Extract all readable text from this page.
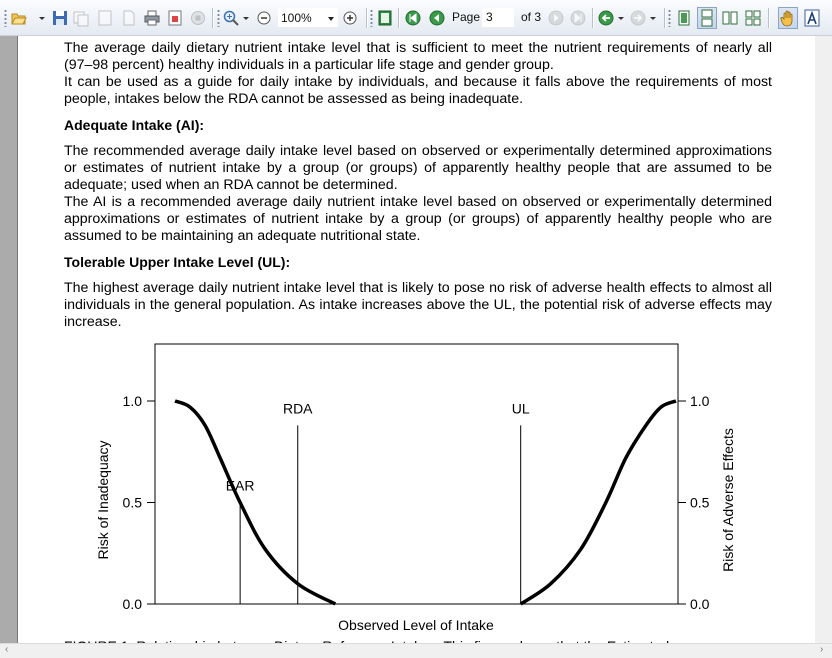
100%	Page 3	of 3

The average daily dietary nutrient intake level that is sufficient to meet the nutrient requirements of nearly all (97–98 percent) healthy individuals in a particular life stage and gender group.

It can be used as a guide for daily intake by individuals, and because it falls above the requirements of most people, intakes below the RDA cannot be assessed as being inadequate.

Adequate Intake (AI):

The recommended average daily intake level based on observed or experimentally determined approximations or estimates of nutrient intake by a group (or groups) of apparently healthy people that are assumed to be adequate; used when an RDA cannot be determined.

The AI is a recommended average daily nutrient intake level based on observed or experimentally determined approximations or estimates of nutrient intake by a group (or groups) of apparently healthy people who are assumed to be maintaining an adequate nutritional state.

Tolerable Upper Intake Level (UL):

The highest average daily nutrient intake level that is likely to pose no risk of adverse health effects to almost all individuals in the general population. As intake increases above the UL, the potential risk of adverse effects may increase.

0.0	0.0
0.5	0.5
1.0	1.0
EAR
RDA	UL
Observed Level of Intake
Risk of Inadequacy	Risk of Adverse Effects
‹	›
